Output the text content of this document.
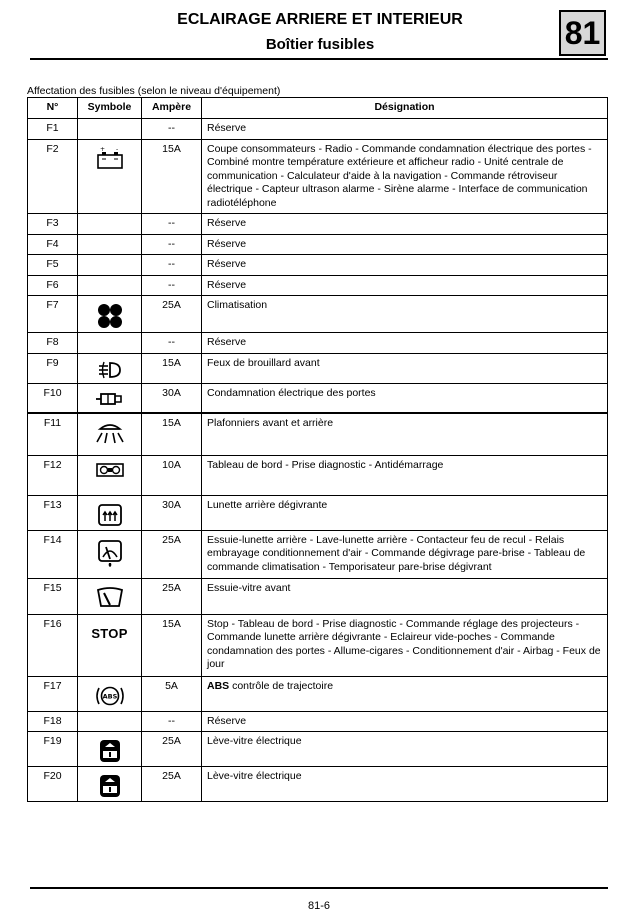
ECLAIRAGE ARRIERE ET INTERIEUR
Boîtier fusibles	81
Affectation des fusibles (selon le niveau d'équipement)
N°	Symbole	Ampère	Désignation
F1		--	Réserve
F2	+ -	15A	Coupe consommateurs - Radio - Commande condamnation électrique des portes - Combiné montre température extérieure et afficheur radio - Unité centrale de communication - Calculateur d'aide à la navigation - Commande rétroviseur électrique - Capteur ultrason alarme - Sirène alarme - Interface de communication radiotéléphone
F3		--	Réserve
F4		--	Réserve
F5		--	Réserve
F6		--	Réserve
F7		25A	Climatisation
F8		--	Réserve
F9		15A	Feux de brouillard avant
F10		30A	Condamnation électrique des portes
F11		15A	Plafonniers avant et arrière
F12		10A	Tableau de bord - Prise diagnostic - Antidémarrage
F13		30A	Lunette arrière dégivrante
F14		25A	Essuie-lunette arrière - Lave-lunette arrière - Contacteur feu de recul - Relais embrayage conditionnement d'air - Commande dégivrage pare-brise - Tableau de commande climatisation - Temporisateur pare-brise dégivrant
F15		25A	Essuie-vitre avant
F16	STOP	15A	Stop - Tableau de bord - Prise diagnostic - Commande réglage des projecteurs - Commande lunette arrière dégivrante - Eclaireur vide-poches - Commande condamnation des portes - Allume-cigares - Conditionnement d'air - Airbag - Feux de jour
F17	ABS	5A	ABS contrôle de trajectoire
F18		--	Réserve
F19		25A	Lève-vitre électrique
F20		25A	Lève-vitre électrique
81-6
